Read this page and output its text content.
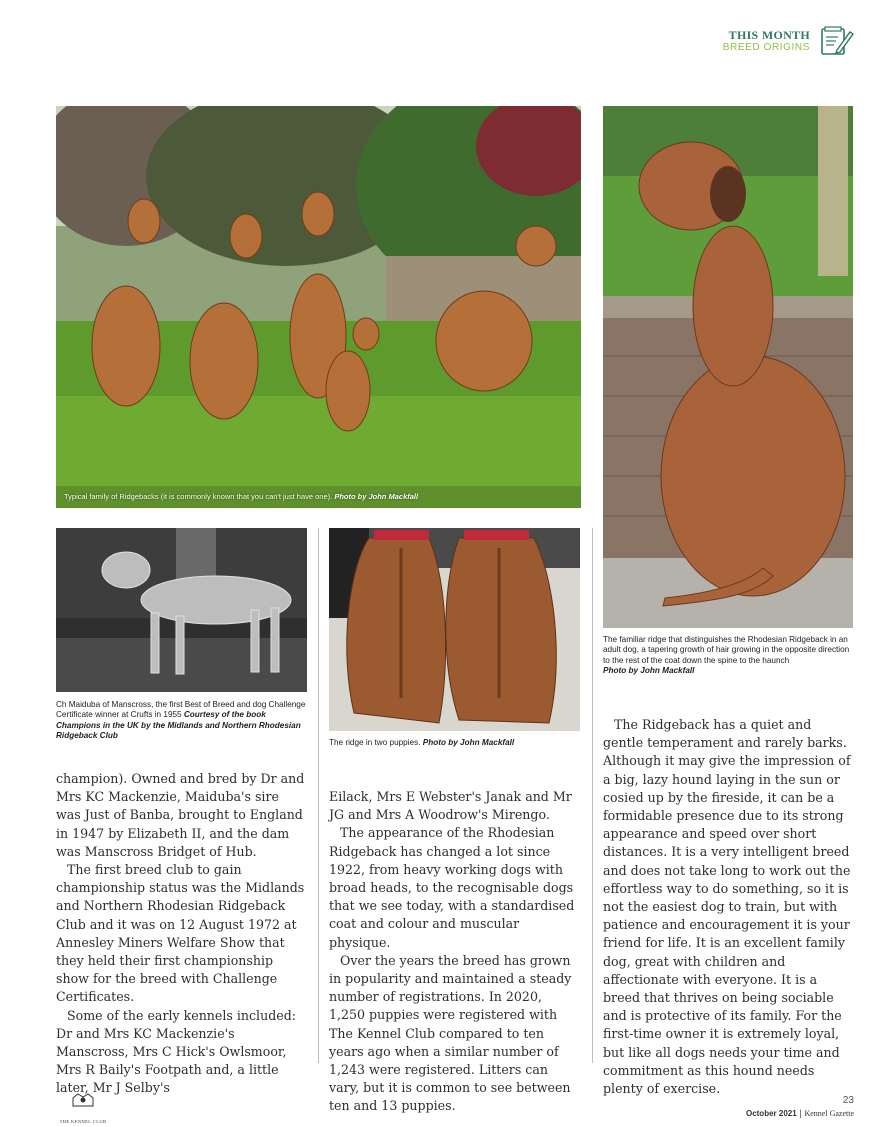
THIS MONTH
BREED ORIGINS
Typical family of Ridgebacks (it is commonly known that you can't just have one). Photo by John Mackfall
Ch Maiduba of Manscross, the first Best of Breed and dog Challenge Certificate winner at Crufts in 1955 Courtesy of the book Champions in the UK by the Midlands and Northern Rhodesian Ridgeback Club
The ridge in two puppies. Photo by John Mackfall
The familiar ridge that distinguishes the Rhodesian Ridgeback in an adult dog, a tapering growth of hair growing in the opposite direction to the rest of the coat down the spine to the haunch
Photo by John Mackfall

champion). Owned and bred by Dr and Mrs KC Mackenzie, Maiduba's sire was Just of Banba, brought to England in 1947 by Elizabeth II, and the dam was Manscross Bridget of Hub.

The first breed club to gain championship status was the Midlands and Northern Rhodesian Ridgeback Club and it was on 12 August 1972 at Annesley Miners Welfare Show that they held their first championship show for the breed with Challenge Certificates.

Some of the early kennels included: Dr and Mrs KC Mackenzie's Manscross, Mrs C Hick's Owlsmoor, Mrs R Baily's Footpath and, a little later, Mr J Selby's

Eilack, Mrs E Webster's Janak and Mr JG and Mrs A Woodrow's Mirengo.

The appearance of the Rhodesian Ridgeback has changed a lot since 1922, from heavy working dogs with broad heads, to the recognisable dogs that we see today, with a standardised coat and colour and muscular physique.

Over the years the breed has grown in popularity and maintained a steady number of registrations. In 2020, 1,250 puppies were registered with The Kennel Club compared to ten years ago when a similar number of 1,243 were registered. Litters can vary, but it is common to see between ten and 13 puppies.

The Ridgeback has a quiet and gentle temperament and rarely barks. Although it may give the impression of a big, lazy hound laying in the sun or cosied up by the fireside, it can be a formidable presence due to its strong appearance and speed over short distances. It is a very intelligent breed and does not take long to work out the effortless way to do something, so it is not the easiest dog to train, but with patience and encouragement it is your friend for life. It is an excellent family dog, great with children and affectionate with everyone. It is a breed that thrives on being sociable and is protective of its family. For the first-time owner it is extremely loyal, but like all dogs needs your time and commitment as this hound needs plenty of exercise.

THE KENNEL CLUB
23
October 2021 | Kennel Gazette
